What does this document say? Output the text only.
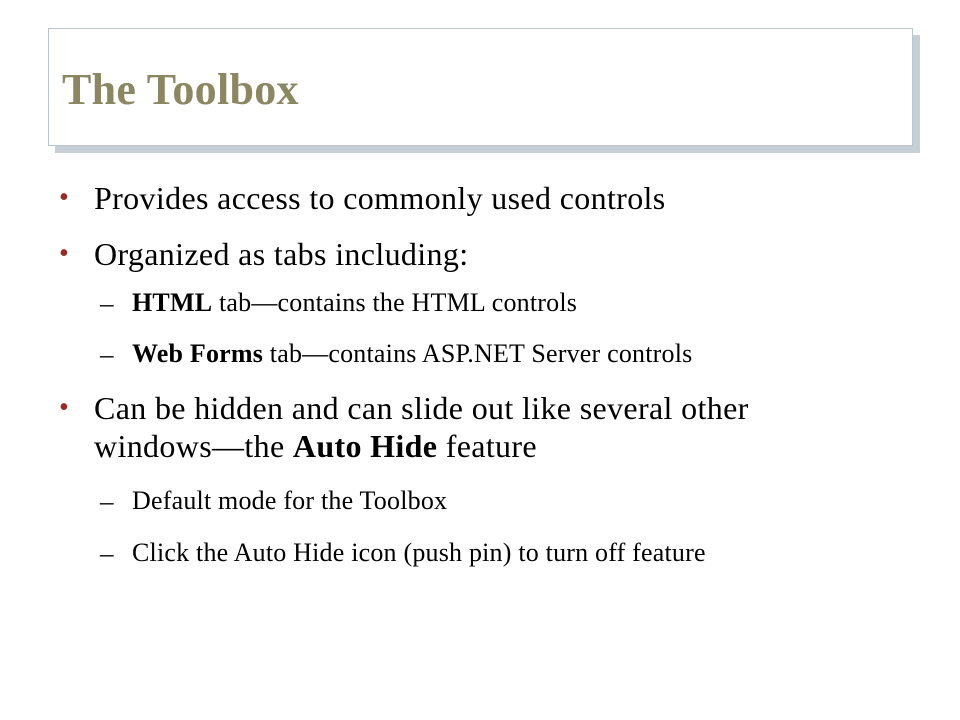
The Toolbox
• Provides access to commonly used controls
• Organized as tabs including:
– HTML tab—contains the HTML controls
– Web Forms tab—contains ASP.NET Server controls
• Can be hidden and can slide out like several other
windows—the Auto Hide feature
– Default mode for the Toolbox
– Click the Auto Hide icon (push pin) to turn off feature
